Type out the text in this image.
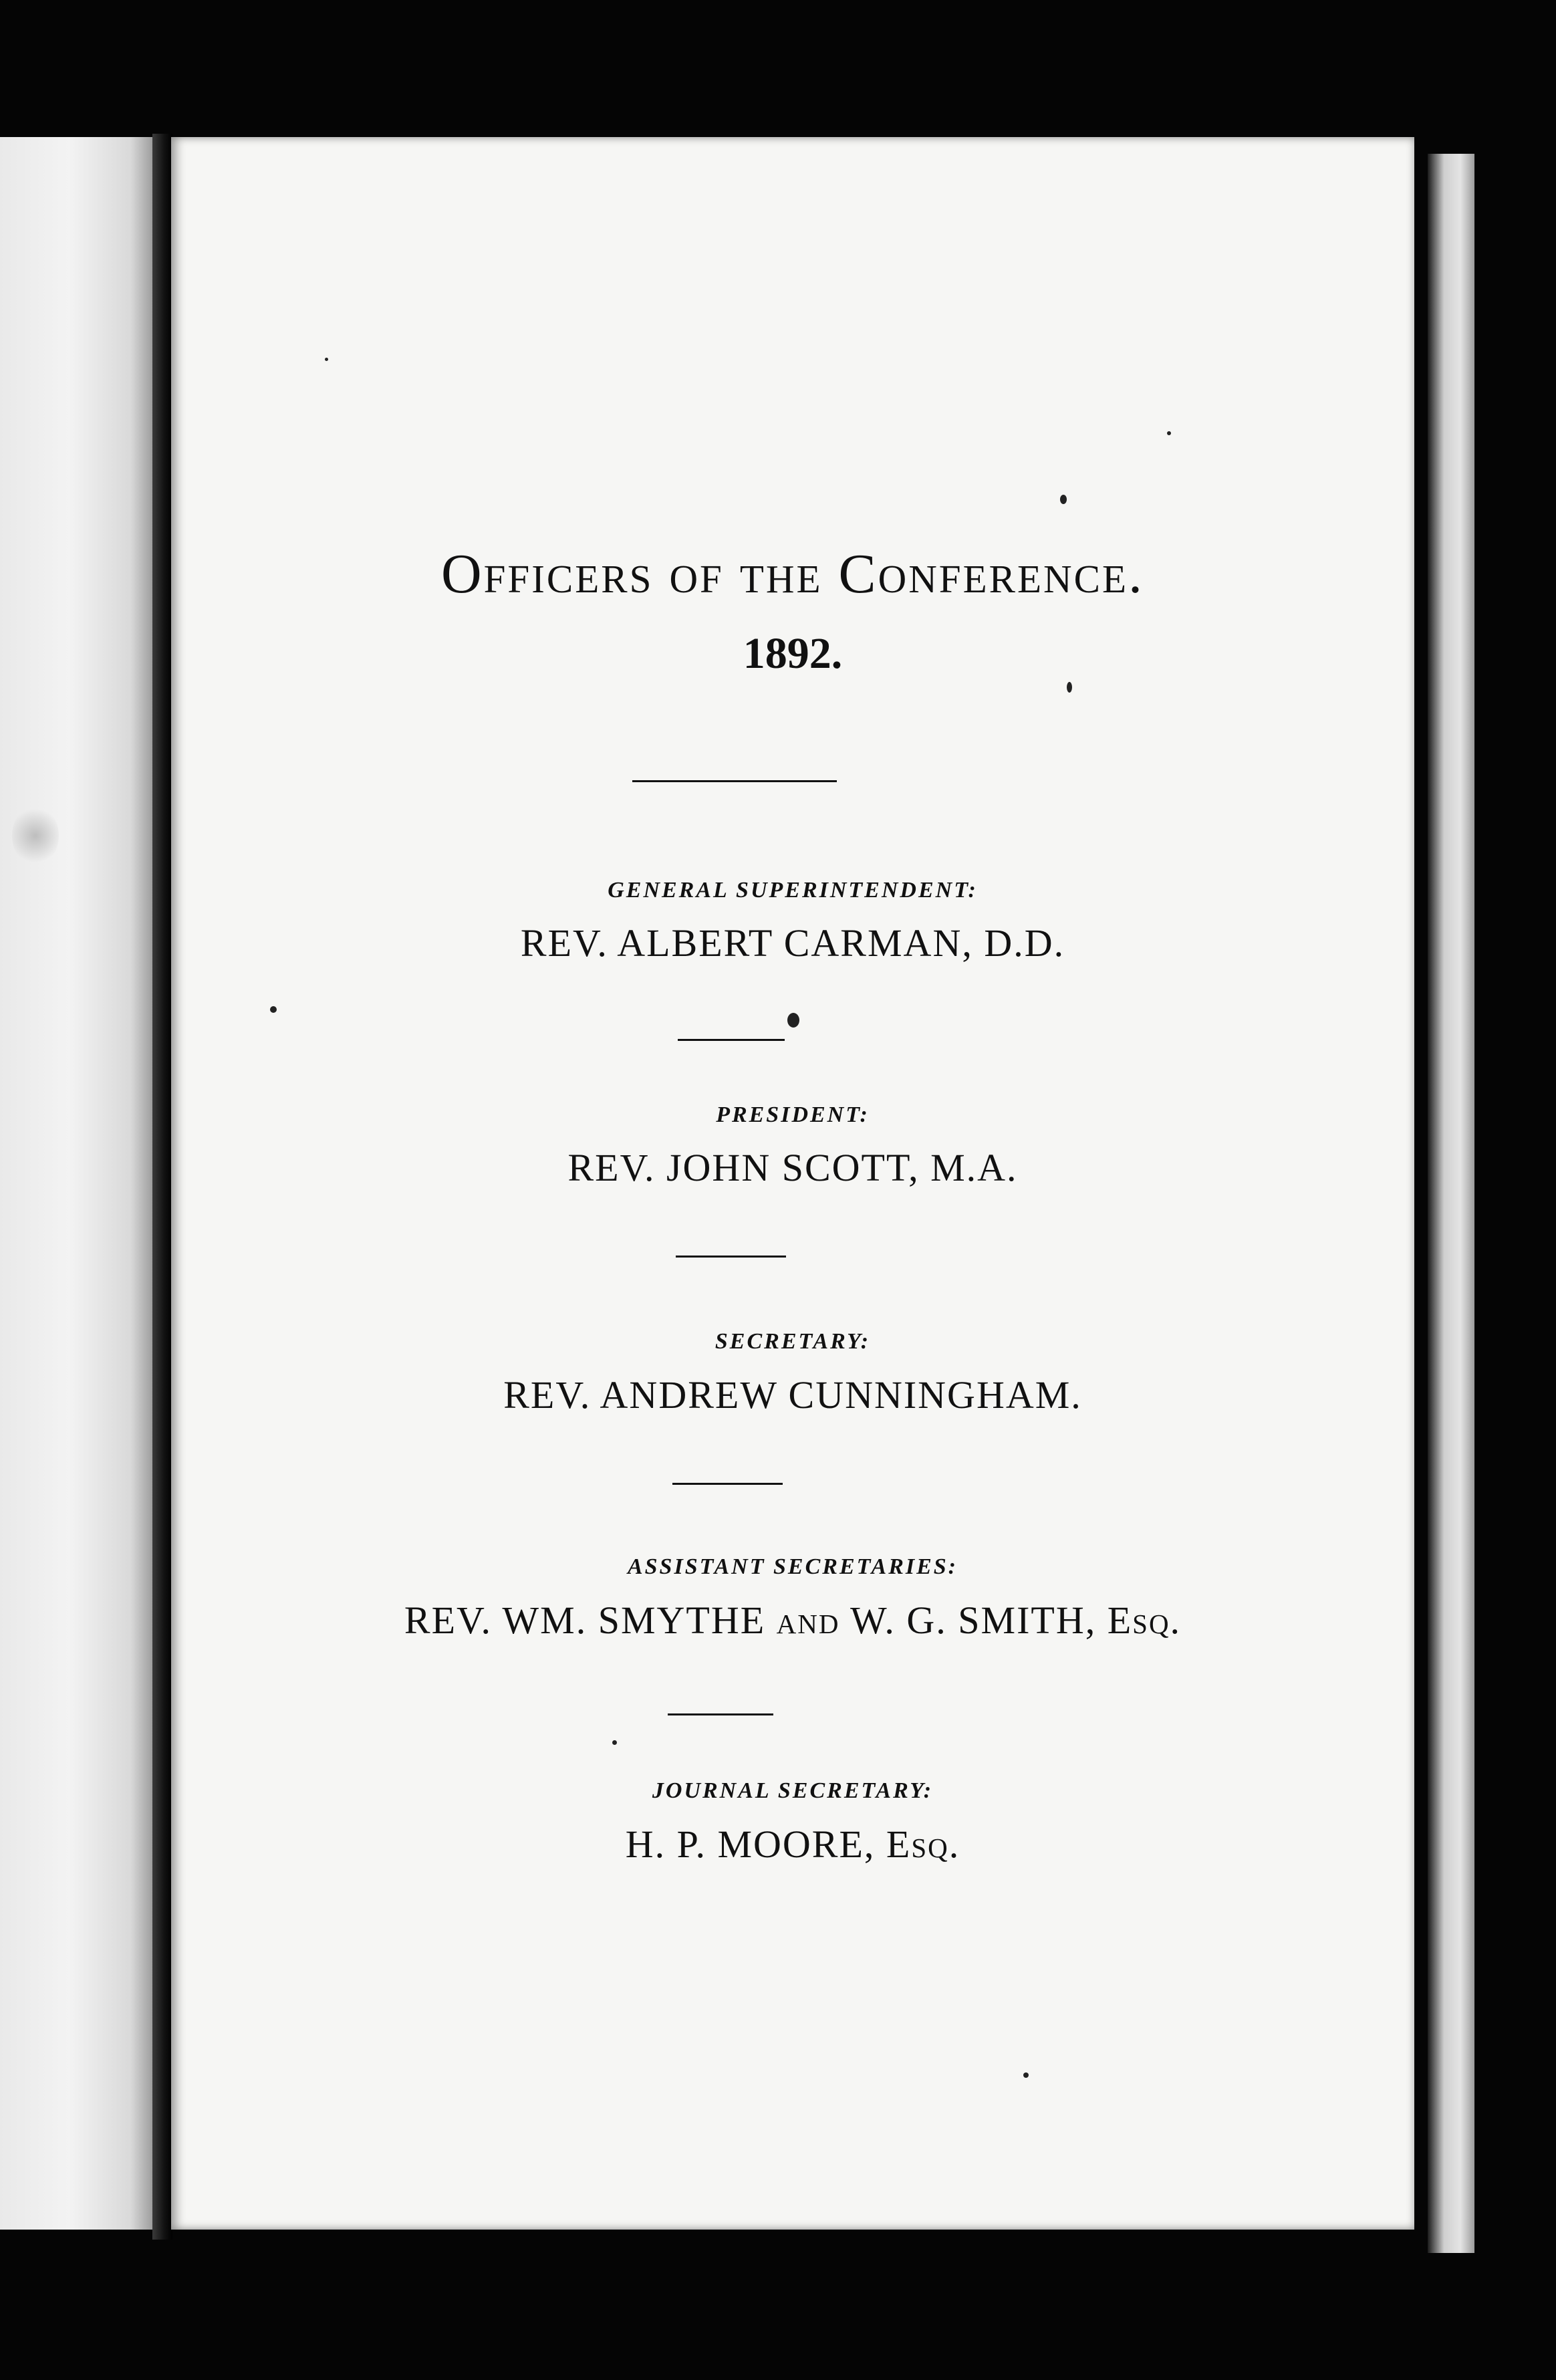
Officers of the Conference.
1892.
GENERAL SUPERINTENDENT:
REV. ALBERT CARMAN, D.D.
PRESIDENT:
REV. JOHN SCOTT, M.A.
SECRETARY:
REV. ANDREW CUNNINGHAM.
ASSISTANT SECRETARIES:
REV. WM. SMYTHE and W. G. SMITH, Esq.
JOURNAL SECRETARY:
H. P. MOORE, Esq.
